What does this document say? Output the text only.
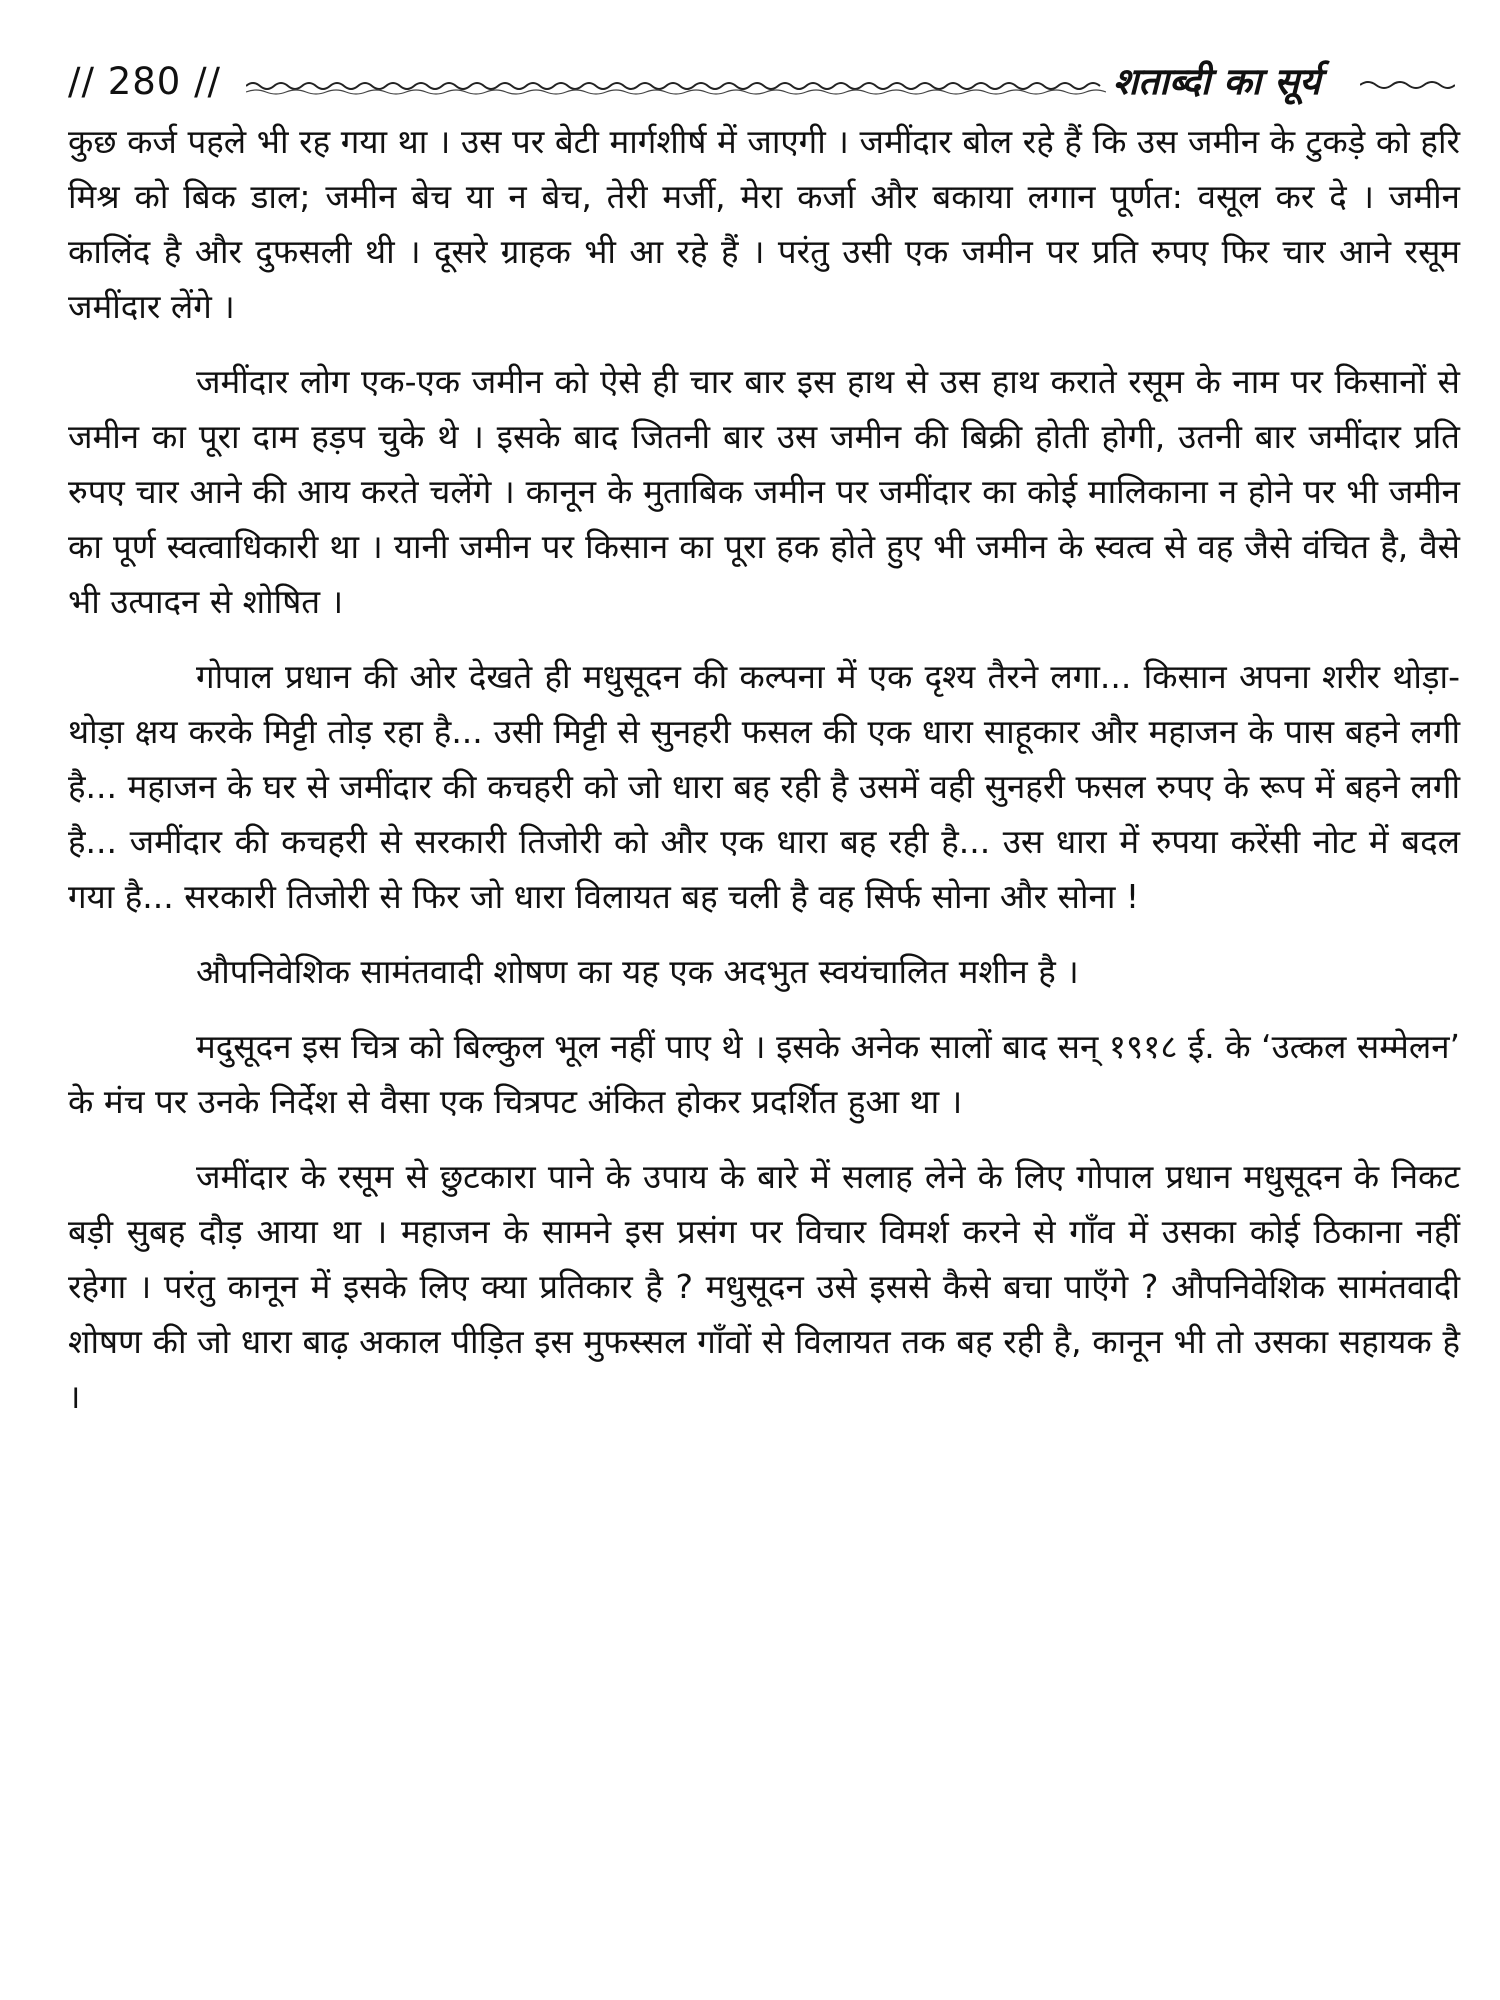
// 280 //	शताब्दी का सूर्य

कुछ कर्ज पहले भी रह गया था । उस पर बेटी मार्गशीर्ष में जाएगी । जमींदार बोल रहे हैं कि उस जमीन के टुकड़े को हरि मिश्र को बिक डाल; जमीन बेच या न बेच, तेरी मर्जी, मेरा कर्जा और बकाया लगान पूर्णत: वसूल कर दे । जमीन कालिंद है और दुफसली थी । दूसरे ग्राहक भी आ रहे हैं । परंतु उसी एक जमीन पर प्रति रुपए फिर चार आने रसूम जमींदार लेंगे ।

जमींदार लोग एक-एक जमीन को ऐसे ही चार बार इस हाथ से उस हाथ कराते रसूम के नाम पर किसानों से जमीन का पूरा दाम हड़प चुके थे । इसके बाद जितनी बार उस जमीन की बिक्री होती होगी, उतनी बार जमींदार प्रति रुपए चार आने की आय करते चलेंगे । कानून के मुताबिक जमीन पर जमींदार का कोई मालिकाना न होने पर भी जमीन का पूर्ण स्वत्वाधिकारी था । यानी जमीन पर किसान का पूरा हक होते हुए भी जमीन के स्वत्व से वह जैसे वंचित है, वैसे भी उत्पादन से शोषित ।

गोपाल प्रधान की ओर देखते ही मधुसूदन की कल्पना में एक दृश्य तैरने लगा... किसान अपना शरीर थोड़ा-थोड़ा क्षय करके मिट्टी तोड़ रहा है... उसी मिट्टी से सुनहरी फसल की एक धारा साहूकार और महाजन के पास बहने लगी है... महाजन के घर से जमींदार की कचहरी को जो धारा बह रही है उसमें वही सुनहरी फसल रुपए के रूप में बहने लगी है... जमींदार की कचहरी से सरकारी तिजोरी को और एक धारा बह रही है... उस धारा में रुपया करेंसी नोट में बदल गया है... सरकारी तिजोरी से फिर जो धारा विलायत बह चली है वह सिर्फ सोना और सोना !

औपनिवेशिक सामंतवादी शोषण का यह एक अदभुत स्वयंचालित मशीन है ।

मदुसूदन इस चित्र को बिल्कुल भूल नहीं पाए थे । इसके अनेक सालों बाद सन् १९१८ ई. के ‘उत्कल सम्मेलन’ के मंच पर उनके निर्देश से वैसा एक चित्रपट अंकित होकर प्रदर्शित हुआ था ।

जमींदार के रसूम से छुटकारा पाने के उपाय के बारे में सलाह लेने के लिए गोपाल प्रधान मधुसूदन के निकट बड़ी सुबह दौड़ आया था । महाजन के सामने इस प्रसंग पर विचार विमर्श करने से गाँव में उसका कोई ठिकाना नहीं रहेगा । परंतु कानून में इसके लिए क्या प्रतिकार है ? मधुसूदन उसे इससे कैसे बचा पाएँगे ? औपनिवेशिक सामंतवादी शोषण की जो धारा बाढ़ अकाल पीड़ित इस मुफस्सल गाँवों से विलायत तक बह रही है, कानून भी तो उसका सहायक है ।
